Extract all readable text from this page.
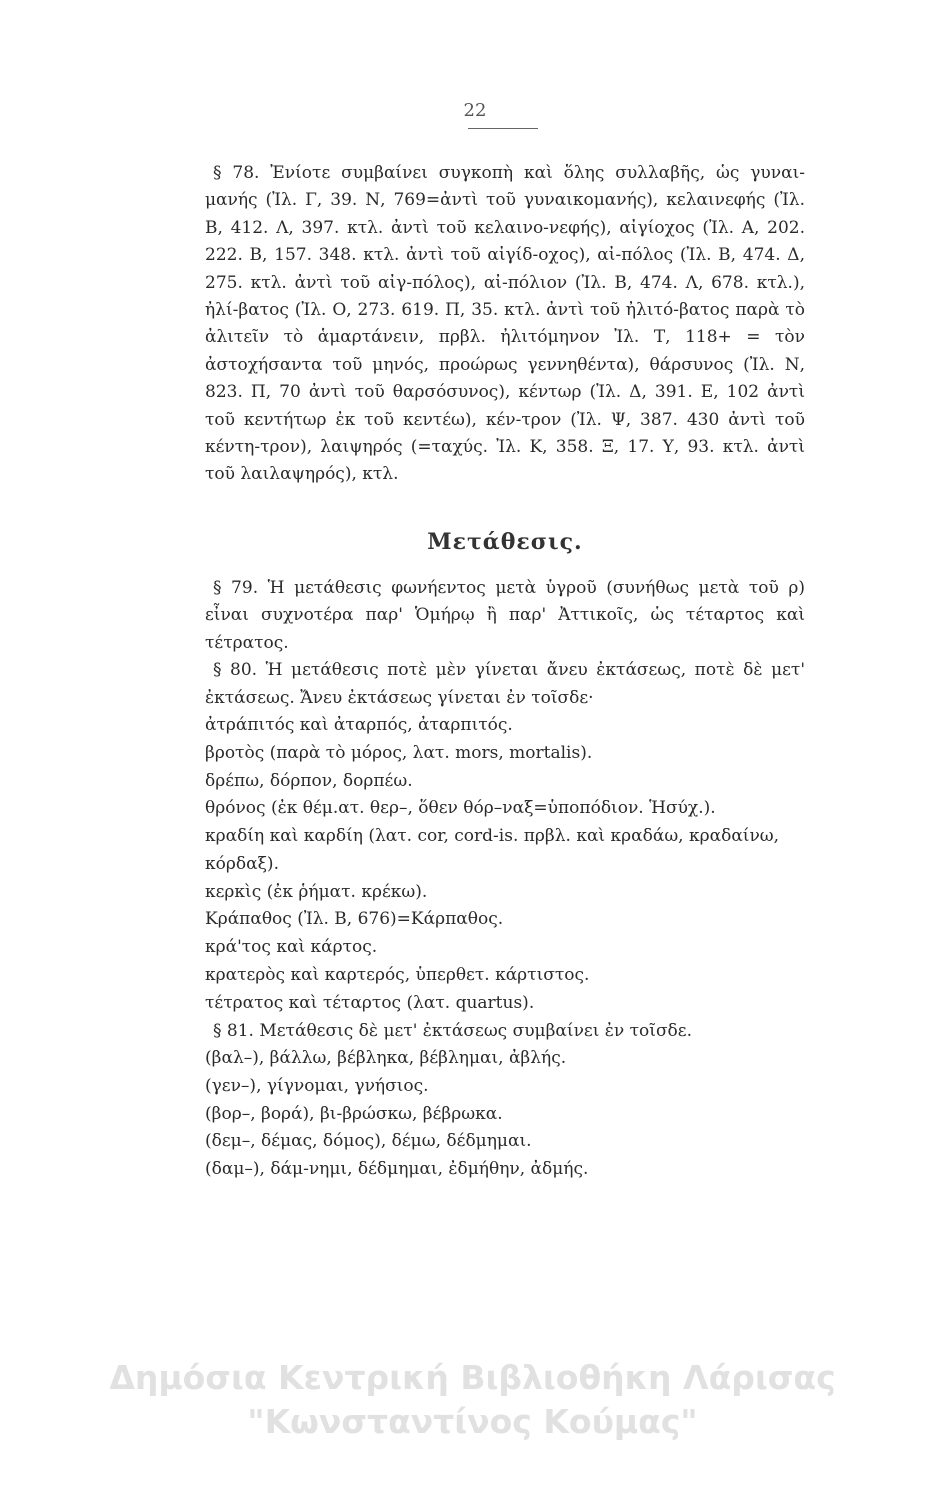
22

§ 78. Ἐνίοτε συμβαίνει συγκοπὴ καὶ ὅλης συλλαβῆς, ὡς γυναι-μανής (Ἰλ. Γ, 39. Ν, 769=ἀντὶ τοῦ γυναικομανής), κελαινεφής (Ἰλ. Β, 412. Λ, 397. κτλ. ἀντὶ τοῦ κελαινο-νεφής), αἰγίοχος (Ἰλ. Α, 202. 222. Β, 157. 348. κτλ. ἀντὶ τοῦ αἰγίδ-οχος), αἰ-πόλος (Ἰλ. Β, 474. Δ, 275. κτλ. ἀντὶ τοῦ αἰγ-πόλος), αἰ-πόλιον (Ἰλ. Β, 474. Λ, 678. κτλ.), ἠλί-βατος (Ἰλ. Ο, 273. 619. Π, 35. κτλ. ἀντὶ τοῦ ἠλιτό-βατος παρὰ τὸ ἀλιτεῖν τὸ ἁμαρτάνειν, πρβλ. ἠλιτόμηνον Ἰλ. Τ, 118+ = τὸν ἀστοχήσαντα τοῦ μηνός, πρoώρως γεννηθέντα), θάρσυνος (Ἰλ. Ν, 823. Π, 70 ἀντὶ τοῦ θαρσόσυνος), κέντωρ (Ἰλ. Δ, 391. Ε, 102 ἀντὶ τοῦ κεντήτωρ ἐκ τοῦ κεντέω), κέν-τρον (Ἰλ. Ψ, 387. 430 ἀντὶ τοῦ κέντη-τρον), λαιψηρός (=ταχύς. Ἰλ. Κ, 358. Ξ, 17. Υ, 93. κτλ. ἀντὶ τοῦ λαιλαψηρός), κτλ.

Μετάθεσις.

§ 79. Ἡ μετάθεσις φωνήεντος μετὰ ὑγροῦ (συνήθως μετὰ τοῦ ρ) εἶναι συχνοτέρα παρ' Ὁμήρῳ ἢ παρ' Ἀττικοῖς, ὡς τέταρτος καὶ τέτρατος.

§ 80. Ἡ μετάθεσις ποτὲ μὲν γίνεται ἄνευ ἐκτάσεως, ποτὲ δὲ μετ' ἐκτάσεως. Ἄνευ ἐκτάσεως γίνεται ἐν τοῖσδε·

ἀτράπιτός καὶ ἀταρπός, ἀταρπιτός.
βροτὸς (παρὰ τὸ μόρος, λατ. mors, mortalis).
δρέπω, δόρπον, δορπέω.
θρόνος (ἐκ θέμ.ατ. θερ–, ὅθεν θόρ–ναξ=ὑποπόδιον. Ἡσύχ.).
κραδίη καὶ καρδίη (λατ. cor, cord-is. πρβλ. καὶ κραδάω, κραδαίνω, κόρδαξ).
κερκὶς (ἐκ ῥήματ. κρέκω).
Κράπαθος (Ἰλ. Β, 676)=Κάρπαθος.
κρά'τος καὶ κάρτος.
κρατερὸς καὶ καρτερός, ὑπερθετ. κάρτιστος.
τέτρατος καὶ τέταρτος (λατ. quartus).

§ 81. Μετάθεσις δὲ μετ' ἐκτάσεως συμβαίνει ἐν τοῖσδε.

(βαλ–), βάλλω, βέβληκα, βέβλημαι, ἀβλής.
(γεν–), γίγνομαι, γνήσιος.
(βορ–, βορά), βι-βρώσκω, βέβρωκα.
(δεμ–, δέμας, δόμος), δέμω, δέδμημαι.
(δαμ–), δάμ-νημι, δέδμημαι, ἐδμήθην, ἀδμής.
Δημόσια Κεντρική Βιβλιοθήκη Λάρισας
"Κωνσταντίνος Κούμας"
